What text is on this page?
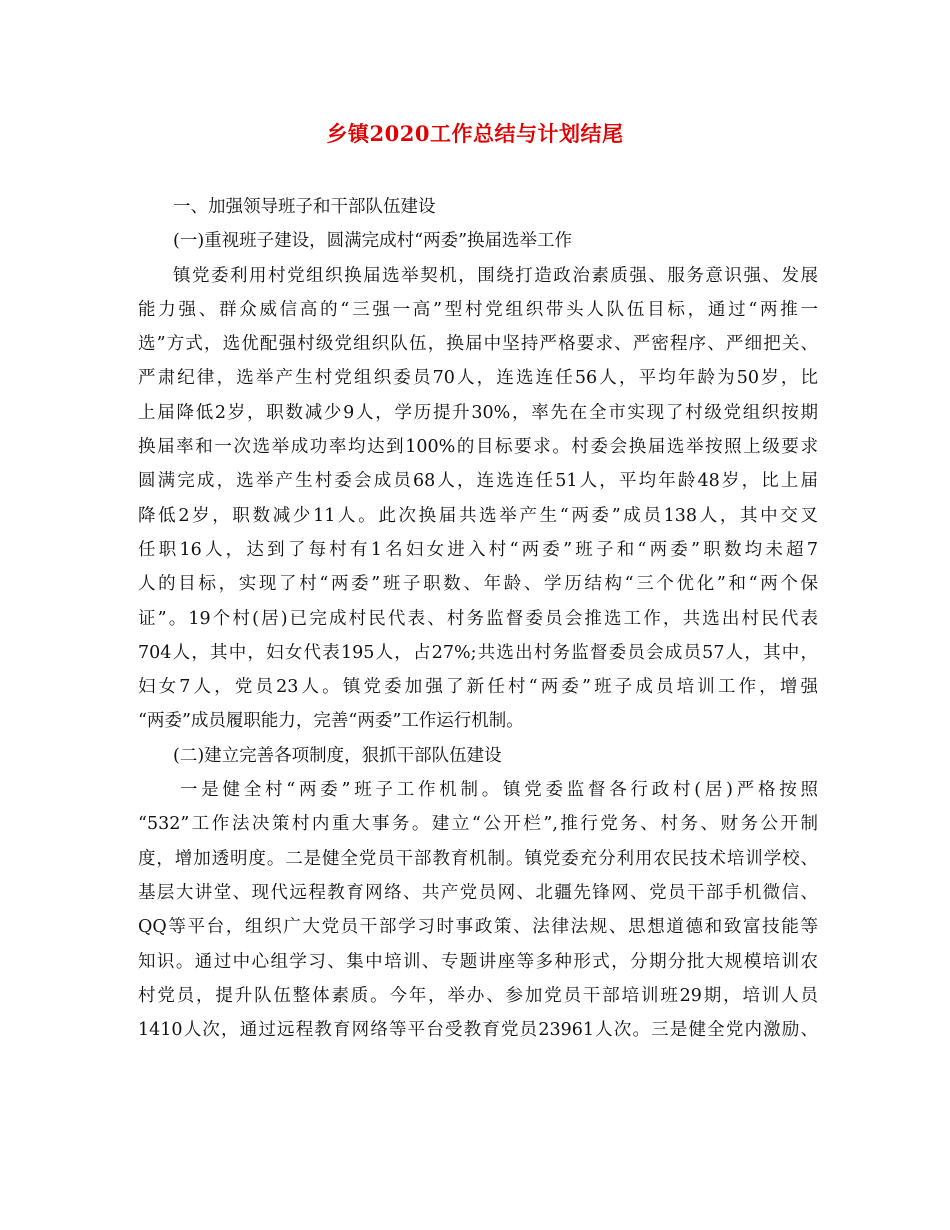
乡镇2020工作总结与计划结尾
一、加强领导班子和干部队伍建设
(一)重视班子建设，圆满完成村“两委”换届选举工作
镇党委利用村党组织换届选举契机，围绕打造政治素质强、服务意识强、发展
能力强、群众威信高的“三强一高”型村党组织带头人队伍目标，通过“两推一
选”方式，选优配强村级党组织队伍，换届中坚持严格要求、严密程序、严细把关、
严肃纪律，选举产生村党组织委员70人，连选连任56人，平均年龄为50岁，比
上届降低2岁，职数减少9人，学历提升30%，率先在全市实现了村级党组织按期
换届率和一次选举成功率均达到100%的目标要求。村委会换届选举按照上级要求
圆满完成，选举产生村委会成员68人，连选连任51人，平均年龄48岁，比上届
降低2岁，职数减少11人。此次换届共选举产生“两委”成员138人，其中交叉
任职16人，达到了每村有1名妇女进入村“两委”班子和“两委”职数均未超7
人的目标，实现了村“两委”班子职数、年龄、学历结构“三个优化”和“两个保
证”。19个村(居)已完成村民代表、村务监督委员会推选工作，共选出村民代表
704人，其中，妇女代表195人，占27%;共选出村务监督委员会成员57人，其中，
妇女7人，党员23人。镇党委加强了新任村“两委”班子成员培训工作，增强
“两委”成员履职能力，完善“两委”工作运行机制。
(二)建立完善各项制度，狠抓干部队伍建设
一是健全村“两委”班子工作机制。镇党委监督各行政村(居)严格按照
“532”工作法决策村内重大事务。建立“公开栏”,推行党务、村务、财务公开制
度，增加透明度。二是健全党员干部教育机制。镇党委充分利用农民技术培训学校、
基层大讲堂、现代远程教育网络、共产党员网、北疆先锋网、党员干部手机微信、
QQ等平台，组织广大党员干部学习时事政策、法律法规、思想道德和致富技能等
知识。通过中心组学习、集中培训、专题讲座等多种形式，分期分批大规模培训农
村党员，提升队伍整体素质。今年，举办、参加党员干部培训班29期，培训人员
1410人次，通过远程教育网络等平台受教育党员23961人次。三是健全党内激励、
